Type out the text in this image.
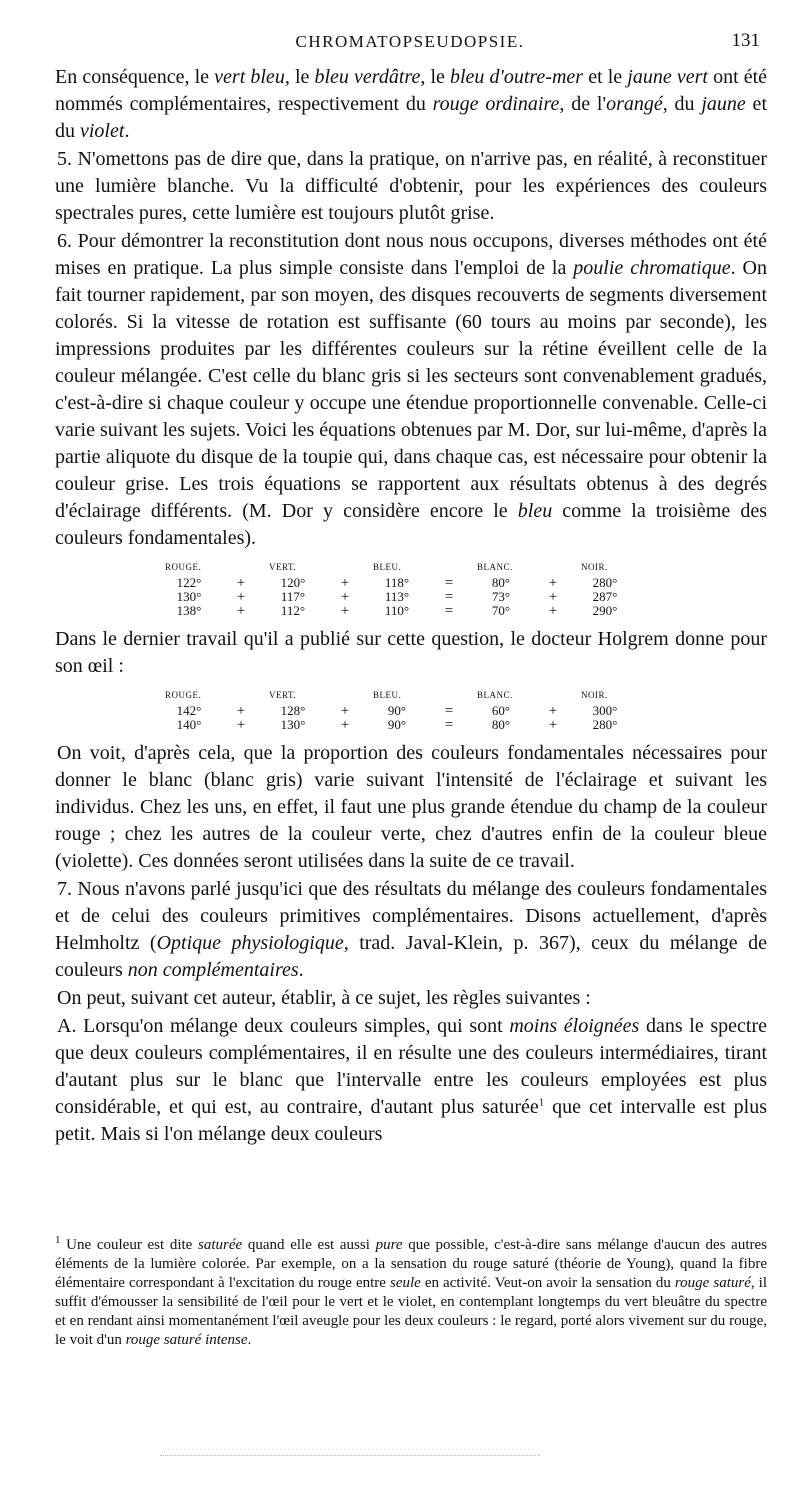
CHROMATOPSEUDOPSIE.	131

En conséquence, le vert bleu, le bleu verdâtre, le bleu d'outre-mer et le jaune vert ont été nommés complémentaires, respectivement du rouge ordinaire, de l'orangé, du jaune et du violet.

5. N'omettons pas de dire que, dans la pratique, on n'arrive pas, en réalité, à reconstituer une lumière blanche. Vu la difficulté d'obtenir, pour les expériences des couleurs spectrales pures, cette lumière est toujours plutôt grise.

6. Pour démontrer la reconstitution dont nous nous occupons, diverses méthodes ont été mises en pratique. La plus simple consiste dans l'emploi de la poulie chromatique. On fait tourner rapidement, par son moyen, des disques recouverts de segments diversement colorés. Si la vitesse de rotation est suffisante (60 tours au moins par seconde), les impressions produites par les différentes couleurs sur la rétine éveillent celle de la couleur mélangée. C'est celle du blanc gris si les secteurs sont convenablement gradués, c'est-à-dire si chaque couleur y occupe une étendue proportionnelle convenable. Celle-ci varie suivant les sujets. Voici les équations obtenues par M. Dor, sur lui-même, d'après la partie aliquote du disque de la toupie qui, dans chaque cas, est nécessaire pour obtenir la couleur grise. Les trois équations se rapportent aux résultats obtenus à des degrés d'éclairage différents. (M. Dor y considère encore le bleu comme la troisième des couleurs fondamentales).

ROUGE.		VERT.		BLEU.		BLANC.		NOIR.
122°	+	120°	+	118°	=	80°	+	280°
130°	+	117°	+	113°	=	73°	+	287°
138°	+	112°	+	110°	=	70°	+	290°

Dans le dernier travail qu'il a publié sur cette question, le docteur Holgrem donne pour son œil :

ROUGE.		VERT.		BLEU.		BLANC.		NOIR.
142°	+	128°	+	90°	=	60°	+	300°
140°	+	130°	+	90°	=	80°	+	280°

On voit, d'après cela, que la proportion des couleurs fondamentales nécessaires pour donner le blanc (blanc gris) varie suivant l'intensité de l'éclairage et suivant les individus. Chez les uns, en effet, il faut une plus grande étendue du champ de la couleur rouge ; chez les autres de la couleur verte, chez d'autres enfin de la couleur bleue (violette). Ces données seront utilisées dans la suite de ce travail.

7. Nous n'avons parlé jusqu'ici que des résultats du mélange des couleurs fondamentales et de celui des couleurs primitives complémentaires. Disons actuellement, d'après Helmholtz (Optique physiologique, trad. Javal-Klein, p. 367), ceux du mélange de couleurs non complémentaires.

On peut, suivant cet auteur, établir, à ce sujet, les règles suivantes :

A. Lorsqu'on mélange deux couleurs simples, qui sont moins éloignées dans le spectre que deux couleurs complémentaires, il en résulte une des couleurs intermédiaires, tirant d'autant plus sur le blanc que l'intervalle entre les couleurs employées est plus considérable, et qui est, au contraire, d'autant plus saturée$^1$ que cet intervalle est plus petit. Mais si l'on mélange deux couleurs

$^1$ Une couleur est dite saturée quand elle est aussi pure que possible, c'est-à-dire sans mélange d'aucun des autres éléments de la lumière colorée. Par exemple, on a la sensation du rouge saturé (théorie de Young), quand la fibre élémentaire correspondant à l'excitation du rouge entre seule en activité. Veut-on avoir la sensation du rouge saturé, il suffit d'émousser la sensibilité de l'œil pour le vert et le violet, en contemplant longtemps du vert bleuâtre du spectre et en rendant ainsi momentanément l'œil aveugle pour les deux couleurs : le regard, porté alors vivement sur du rouge, le voit d'un rouge saturé intense.
